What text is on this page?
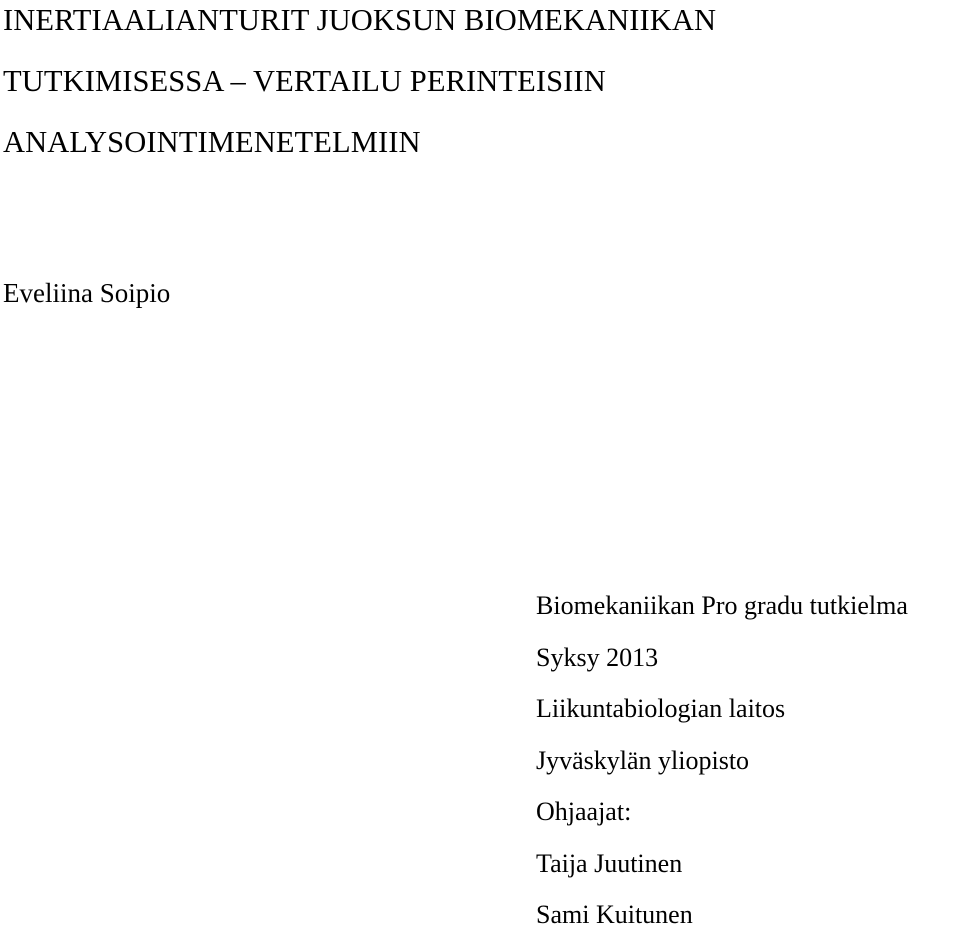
INERTIAALIANTURIT JUOKSUN BIOMEKANIIKAN
TUTKIMISESSA – VERTAILU PERINTEISIIN
ANALYSOINTIMENETELMIIN
Eveliina Soipio
Biomekaniikan Pro gradu tutkielma
Syksy 2013
Liikuntabiologian laitos
Jyväskylän yliopisto
Ohjaajat:
Taija Juutinen
Sami Kuitunen
